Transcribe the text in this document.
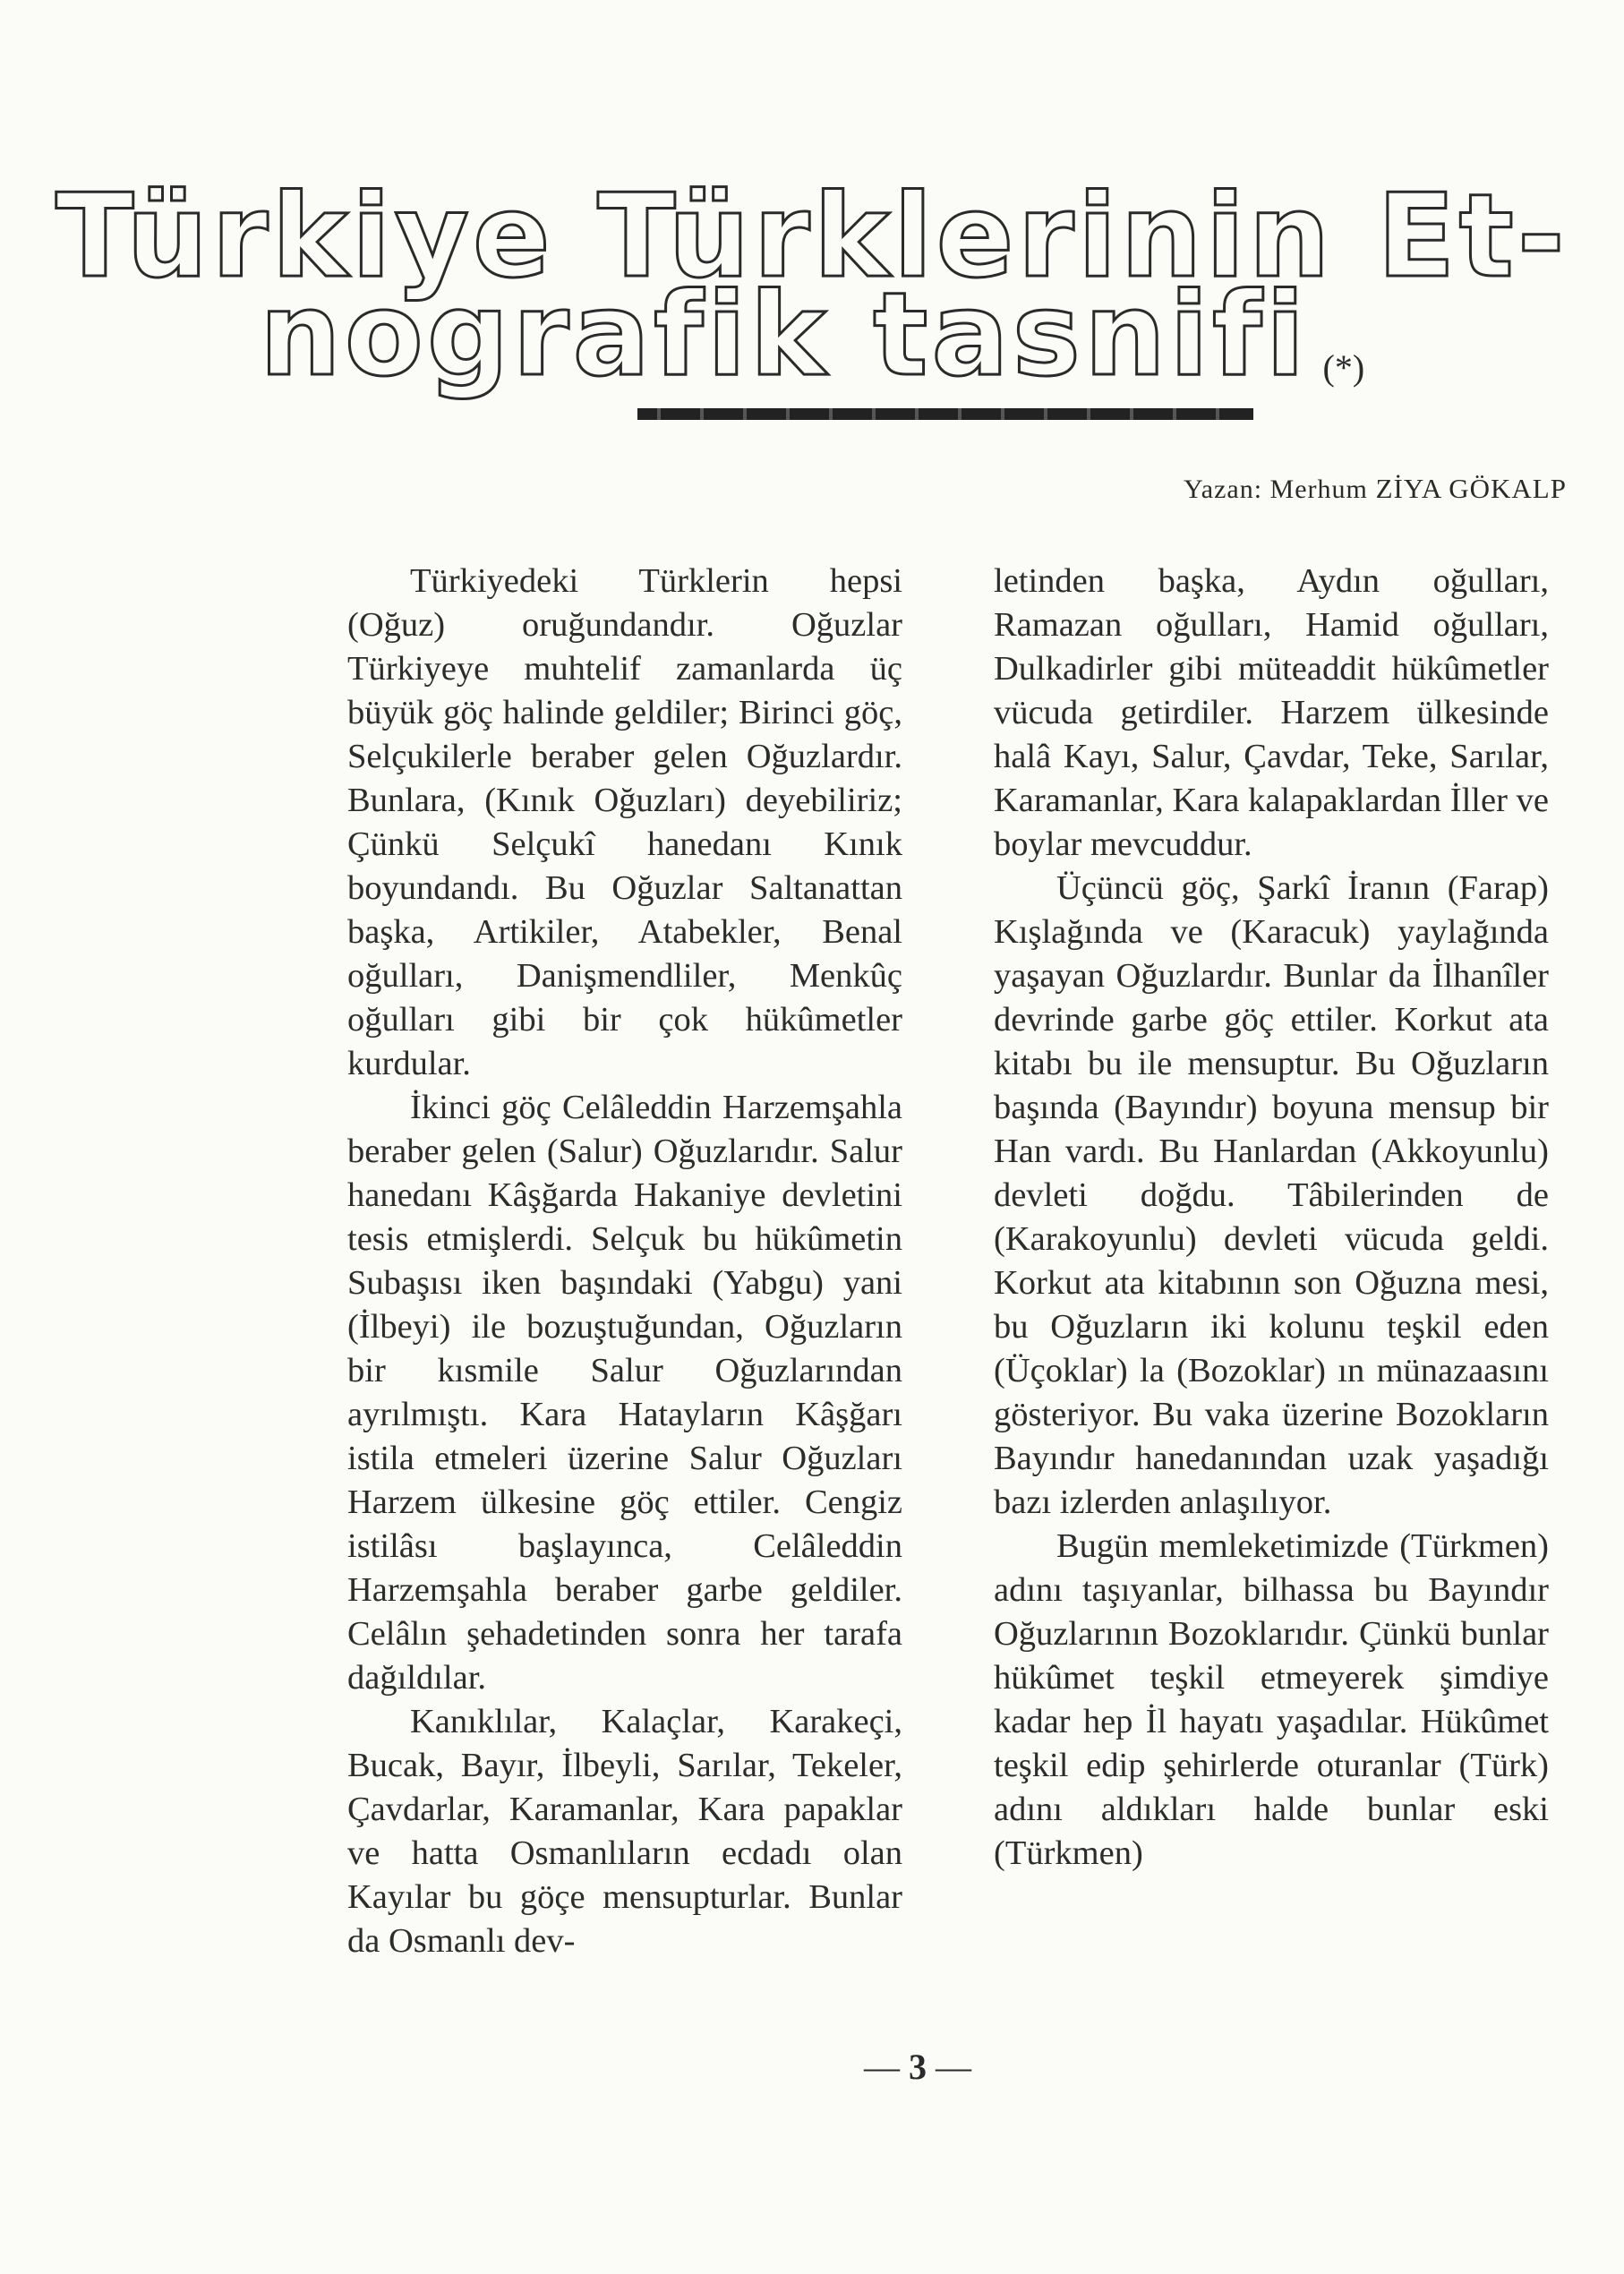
Türkiye Türklerinin Et-
nografik tasnifi (*)
Yazan: Merhum ZİYA GÖKALP

Türkiyedeki Türklerin hepsi (Oğuz) oruğundandır. Oğuzlar Türkiyeye muhtelif zamanlarda üç büyük göç halinde geldiler; Birinci göç, Selçukilerle beraber gelen Oğuzlardır. Bunlara, (Kınık Oğuzları) deyebiliriz; Çünkü Selçukî hanedanı Kınık boyundandı. Bu Oğuzlar Saltanattan başka, Artikiler, Atabekler, Benal oğulları, Danişmendliler, Menkûç oğulları gibi bir çok hükûmetler kurdular.

İkinci göç Celâleddin Harzemşahla beraber gelen (Salur) Oğuzlarıdır. Salur hanedanı Kâşğarda Hakaniye devletini tesis etmişlerdi. Selçuk bu hükûmetin Subaşısı iken başındaki (Yabgu) yani (İlbeyi) ile bozuştuğundan, Oğuzların bir kısmile Salur Oğuzlarından ayrılmıştı. Kara Hatayların Kâşğarı istila etmeleri üzerine Salur Oğuzları Harzem ülkesine göç ettiler. Cengiz istilâsı başlayınca, Celâleddin Harzemşahla beraber garbe geldiler. Celâlın şehadetinden sonra her tarafa dağıldılar.

Kanıklılar, Kalaçlar, Karakeçi, Bucak, Bayır, İlbeyli, Sarılar, Tekeler, Çavdarlar, Karamanlar, Kara papaklar ve hatta Osmanlıların ecdadı olan Kayılar bu göçe mensupturlar. Bunlar da Osmanlı dev-

letinden başka, Aydın oğulları, Ramazan oğulları, Hamid oğulları, Dulkadirler gibi müteaddit hükûmetler vücuda getirdiler. Harzem ülkesinde halâ Kayı, Salur, Çavdar, Teke, Sarılar, Karamanlar, Kara kalapaklardan İller ve boylar mevcuddur.

Üçüncü göç, Şarkî İranın (Farap) Kışlağında ve (Karacuk) yaylağında yaşayan Oğuzlardır. Bunlar da İlhanîler devrinde garbe göç ettiler. Korkut ata kitabı bu ile mensuptur. Bu Oğuzların başında (Bayındır) boyuna mensup bir Han vardı. Bu Hanlardan (Akkoyunlu) devleti doğdu. Tâbilerinden de (Karakoyunlu) devleti vücuda geldi. Korkut ata kitabının son Oğuzna mesi, bu Oğuzların iki kolunu teşkil eden (Üçoklar) la (Bozoklar) ın münazaasını gösteriyor. Bu vaka üzerine Bozokların Bayındır hanedanından uzak yaşadığı bazı izlerden anlaşılıyor.

Bugün memleketimizde (Türkmen) adını taşıyanlar, bilhassa bu Bayındır Oğuzlarının Bozoklarıdır. Çünkü bunlar hükûmet teşkil etmeyerek şimdiye kadar hep İl hayatı yaşadılar. Hükûmet teşkil edip şehirlerde oturanlar (Türk) adını aldıkları halde bunlar eski (Türkmen)

— 3 —
